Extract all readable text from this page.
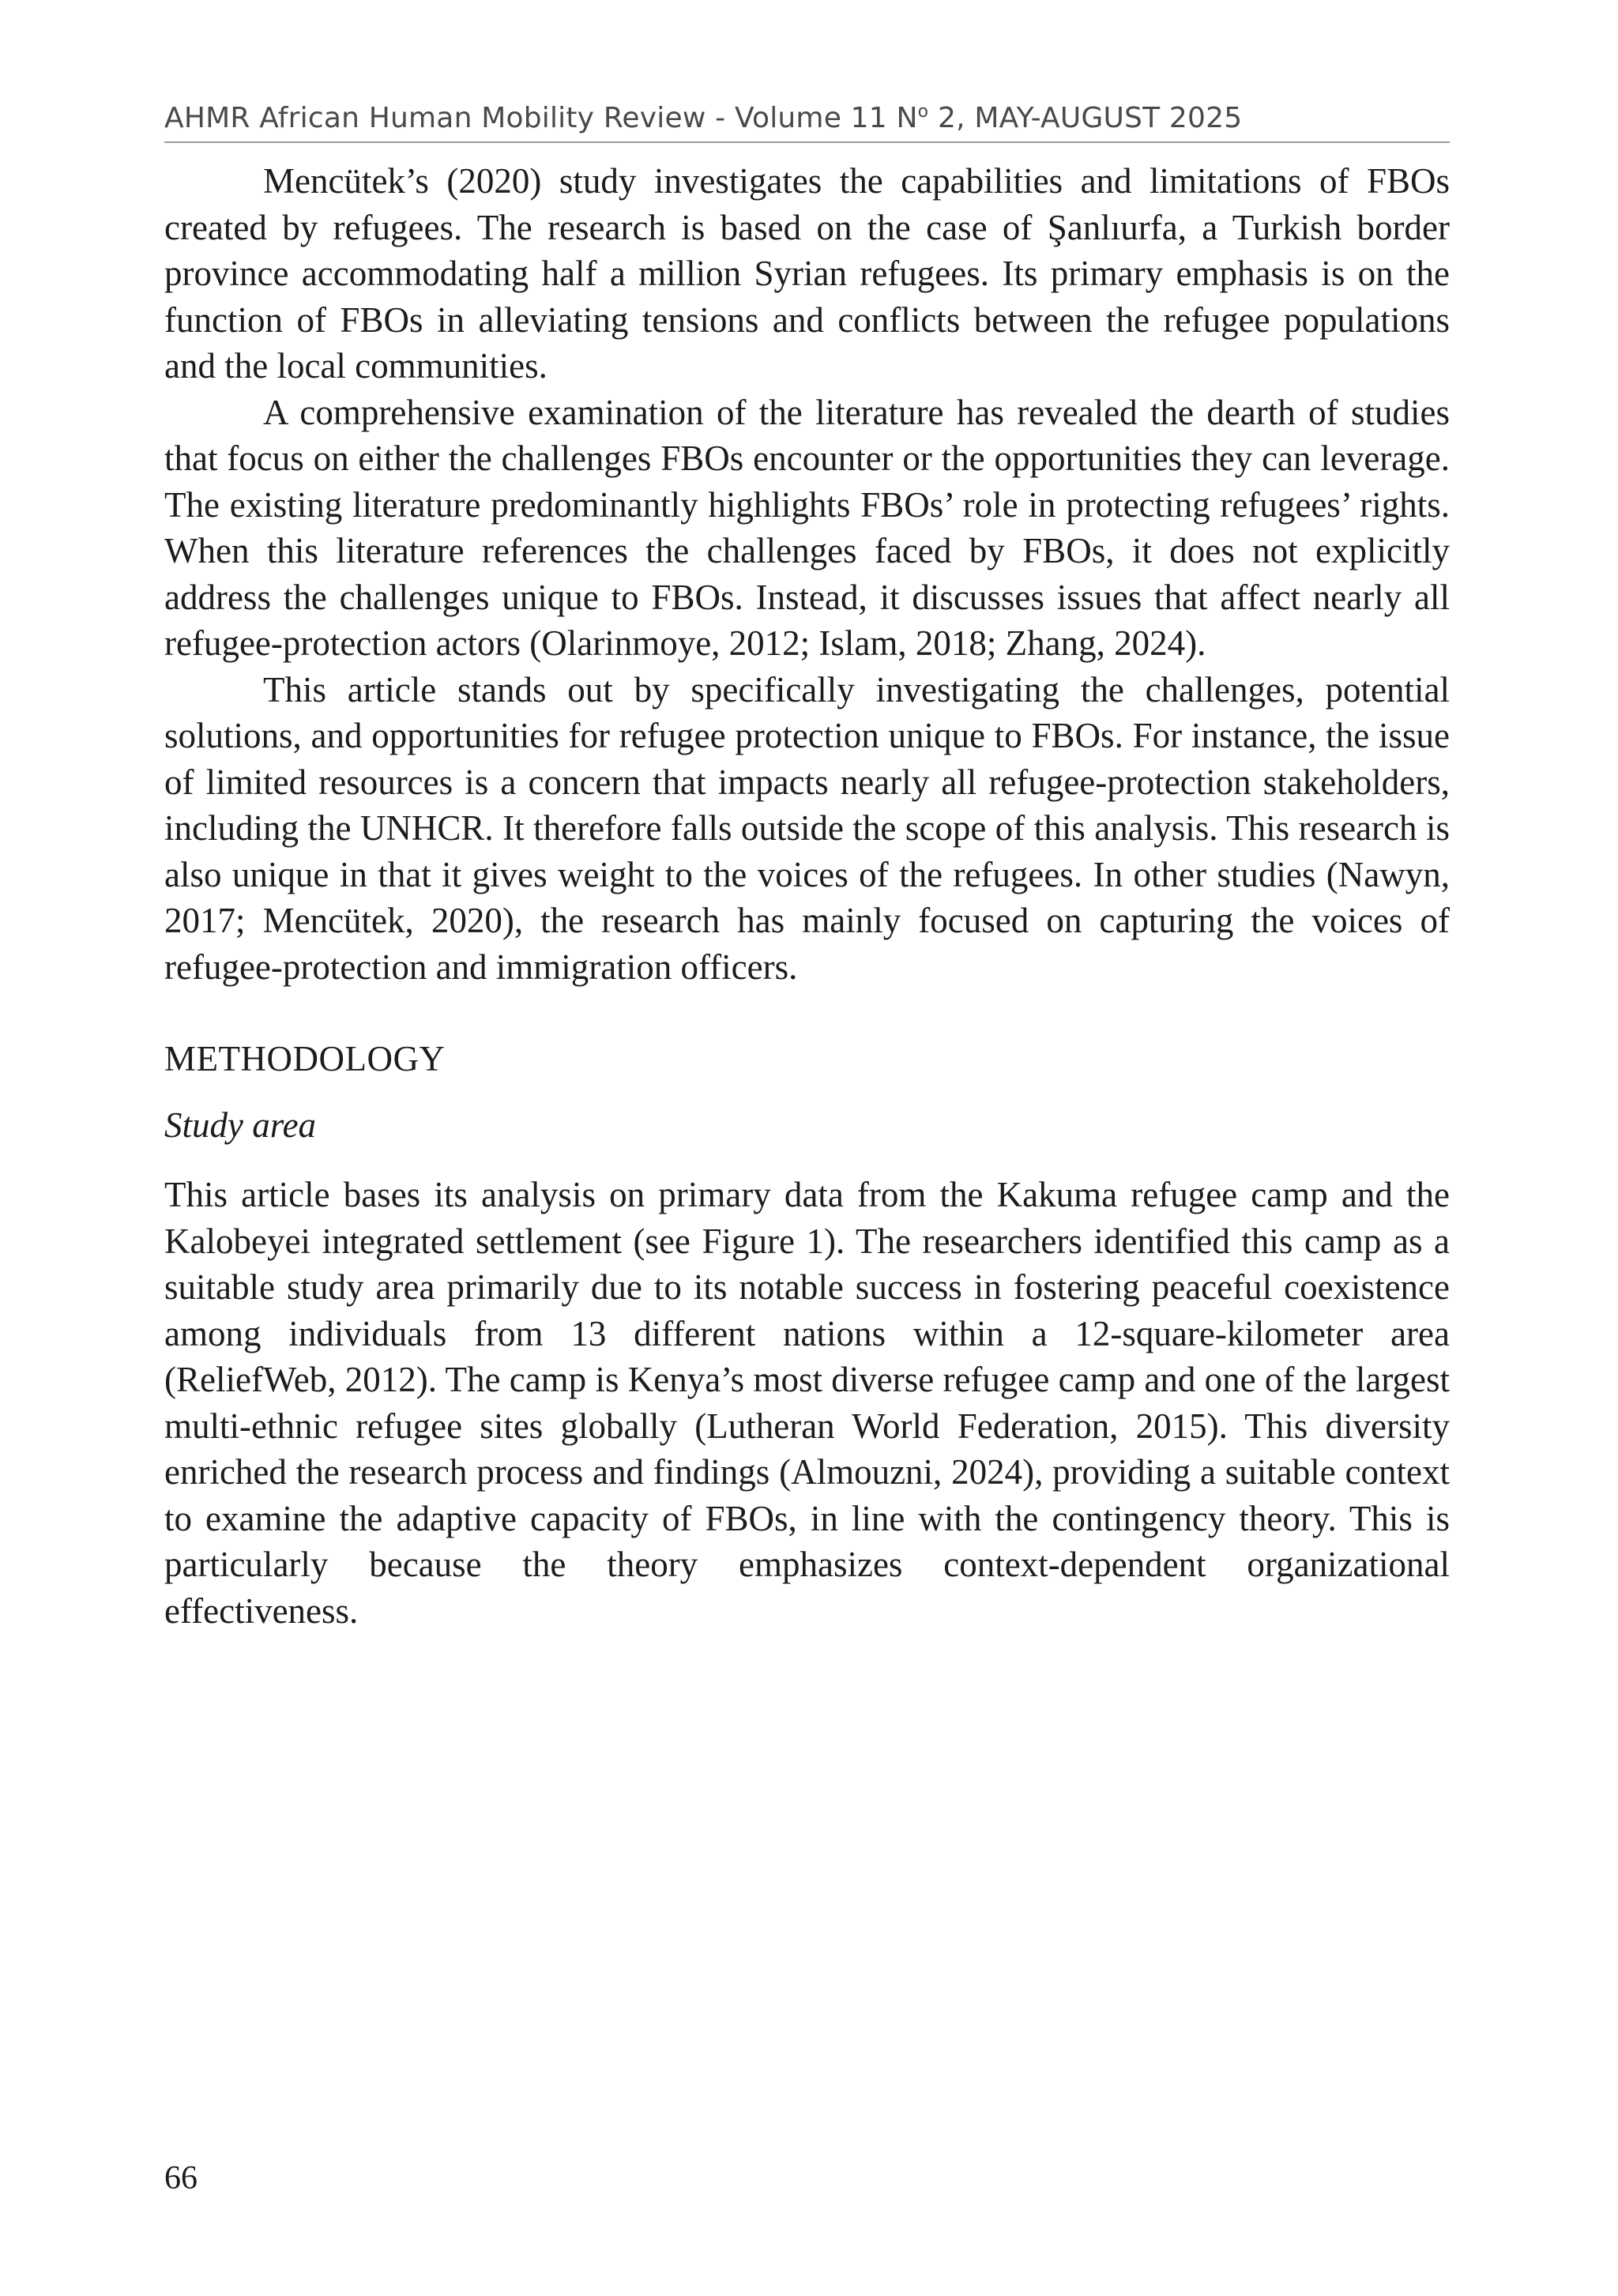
AHMR African Human Mobility Review - Volume 11 $N^o$ 2, MAY-AUGUST 2025

Mencütek’s (2020) study investigates the capabilities and limitations of FBOs created by refugees. The research is based on the case of Şanlıurfa, a Turkish border province accommodating half a million Syrian refugees. Its primary emphasis is on the function of FBOs in alleviating tensions and conflicts between the refugee populations and the local communities.

A comprehensive examination of the literature has revealed the dearth of studies that focus on either the challenges FBOs encounter or the opportunities they can leverage. The existing literature predominantly highlights FBOs’ role in protecting refugees’ rights. When this literature references the challenges faced by FBOs, it does not explicitly address the challenges unique to FBOs. Instead, it discusses issues that affect nearly all refugee-protection actors (Olarinmoye, 2012; Islam, 2018; Zhang, 2024).

This article stands out by specifically investigating the challenges, potential solutions, and opportunities for refugee protection unique to FBOs. For instance, the issue of limited resources is a concern that impacts nearly all refugee-protection stakeholders, including the UNHCR. It therefore falls outside the scope of this analysis. This research is also unique in that it gives weight to the voices of the refugees. In other studies (Nawyn, 2017; Mencütek, 2020), the research has mainly focused on capturing the voices of refugee-protection and immigration officers.

METHODOLOGY
Study area

This article bases its analysis on primary data from the Kakuma refugee camp and the Kalobeyei integrated settlement (see Figure 1). The researchers identified this camp as a suitable study area primarily due to its notable success in fostering peaceful coexistence among individuals from 13 different nations within a 12-square-kilometer area (ReliefWeb, 2012). The camp is Kenya’s most diverse refugee camp and one of the largest multi-ethnic refugee sites globally (Lutheran World Federation, 2015). This diversity enriched the research process and findings (Almouzni, 2024), providing a suitable context to examine the adaptive capacity of FBOs, in line with the contingency theory. This is particularly because the theory emphasizes context-dependent organizational effectiveness.

66
